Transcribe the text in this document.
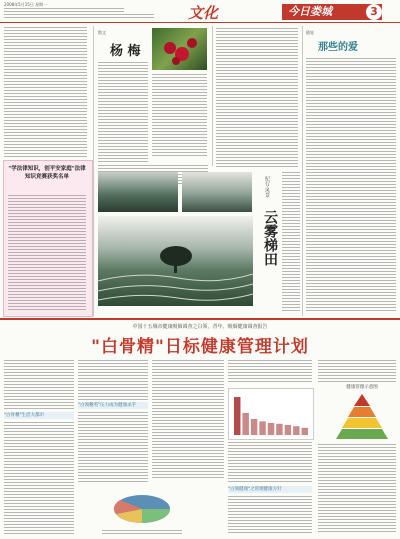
2008年5月15日 星期一	文化	今日娄城	3
"学法律知识，创平安家庭"法律知识竞赛获奖名单
散文
杨 梅
纪行·风景
云雾梯田
随笔
那些的爱
中国十五城市健康吸烟调查之白领、青年、吸烟健康调查报告
"白骨精"日标健康管理计划
"白骨精"生活大都市
"白领精英"压力成为健康杀手
"白领健康"之管理健康方针
健康管理示意图
